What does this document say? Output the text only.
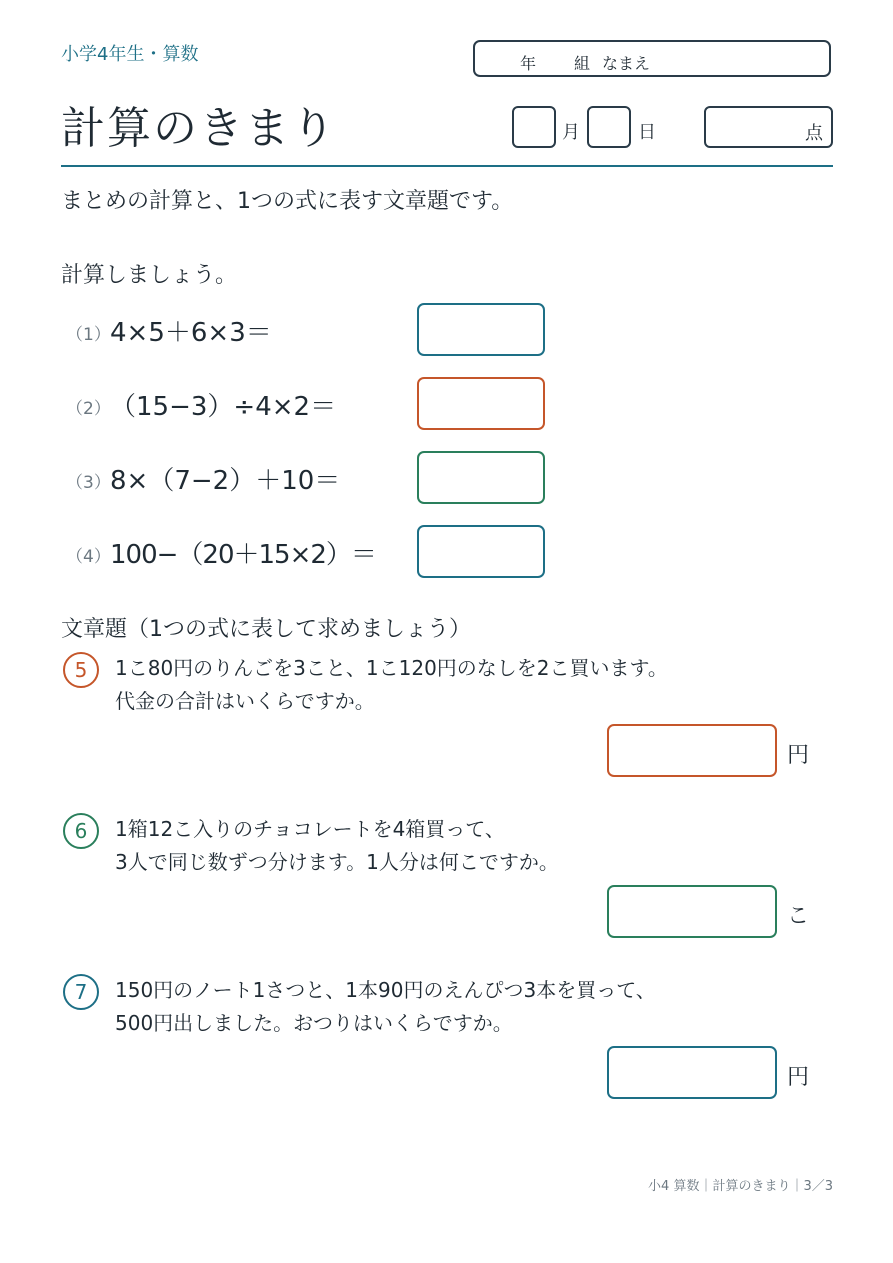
小学4年生・算数	年 組 なまえ
計算のきまり	月	日	点
まとめの計算と、1つの式に表す文章題です。
計算しましょう。
（1） 4×5＋6×3＝
（2） （15−3）÷4×2＝
（3） 8×（7−2）＋10＝
（4） 100−（20＋15×2）＝
文章題（1つの式に表して求めましょう）
5	1こ80円のりんごを3こと、1こ120円のなしを2こ買います。
代金の合計はいくらですか。
円
6	1箱12こ入りのチョコレートを4箱買って、
3人で同じ数ずつ分けます。1人分は何こですか。
こ
7	150円のノート1さつと、1本90円のえんぴつ3本を買って、
500円出しました。おつりはいくらですか。
円
小4 算数｜計算のきまり｜3／3
